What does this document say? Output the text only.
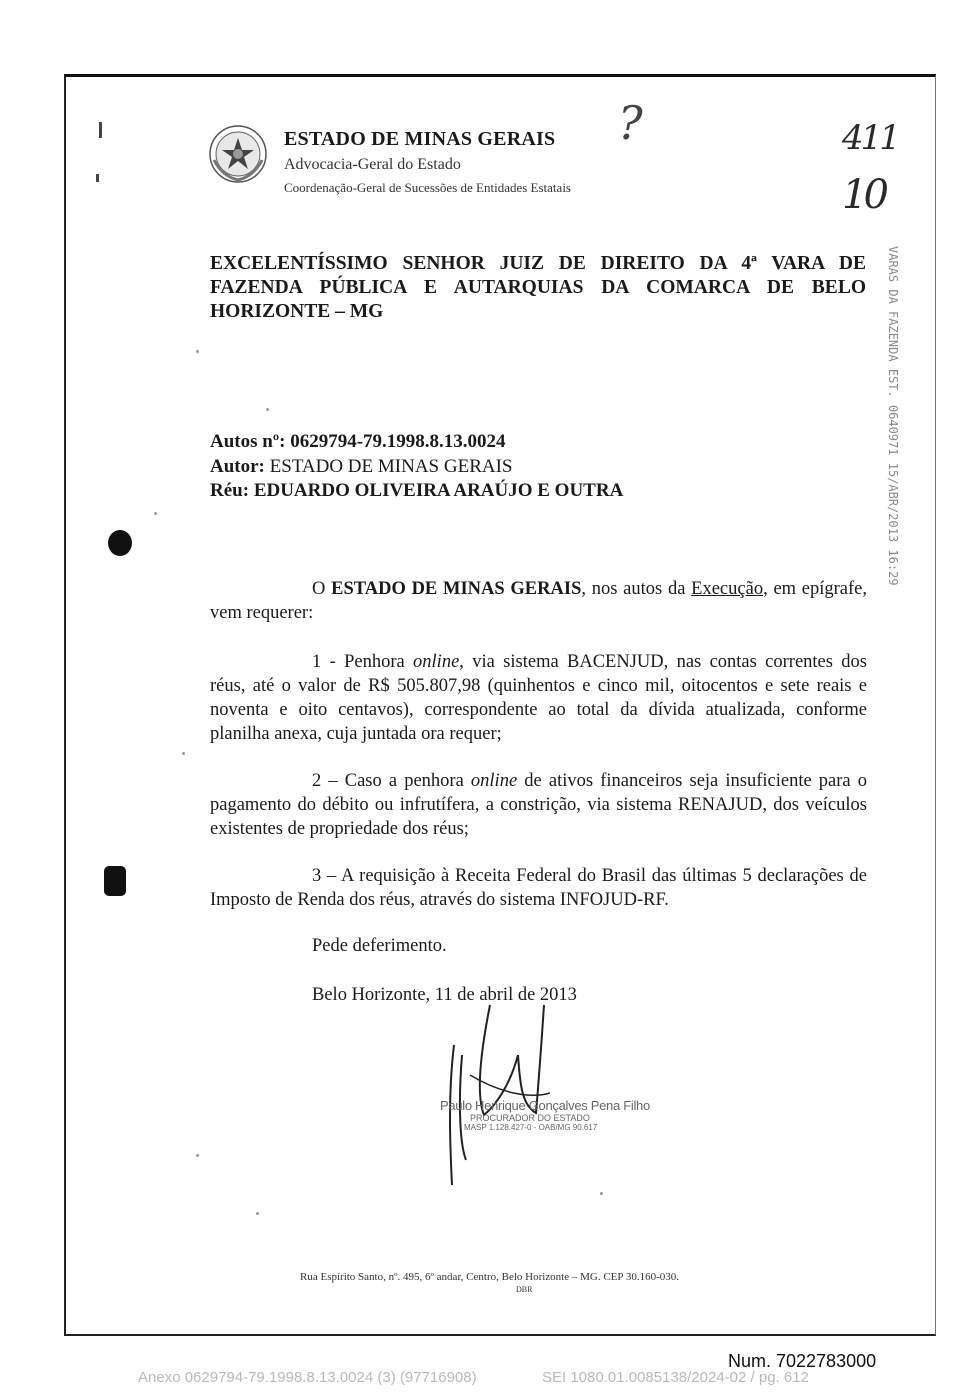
ESTADO DE MINAS GERAIS
Advocacia-Geral do Estado
Coordenação-Geral de Sucessões de Entidades Estatais
?	411
10
VARAS DA FAZENDA EST. 0640971 15/ABR/2013 16:29
EXCELENTÍSSIMO SENHOR JUIZ DE DIREITO DA 4ª VARA DE FAZENDA PÚBLICA E AUTARQUIAS DA COMARCA DE BELO HORIZONTE – MG
Autos nº: 0629794-79.1998.8.13.0024
Autor: ESTADO DE MINAS GERAIS
Réu: EDUARDO OLIVEIRA ARAÚJO E OUTRA
O ESTADO DE MINAS GERAIS, nos autos da Execução, em epígrafe, vem requerer:
1 - Penhora online, via sistema BACENJUD, nas contas correntes dos réus, até o valor de R$ 505.807,98 (quinhentos e cinco mil, oitocentos e sete reais e noventa e oito centavos), correspondente ao total da dívida atualizada, conforme planilha anexa, cuja juntada ora requer;
2 – Caso a penhora online de ativos financeiros seja insuficiente para o pagamento do débito ou infrutífera, a constrição, via sistema RENAJUD, dos veículos existentes de propriedade dos réus;
3 – A requisição à Receita Federal do Brasil das últimas 5 declarações de Imposto de Renda dos réus, através do sistema INFOJUD-RF.
Pede deferimento.
Belo Horizonte, 11 de abril de 2013
Paulo Henrique Gonçalves Pena Filho
PROCURADOR DO ESTADO
MASP 1.128.427-0 - OAB/MG 90.617
Rua Espírito Santo, nº. 495, 6º andar, Centro, Belo Horizonte – MG. CEP 30.160-030.
DBR
Num. 7022783000
Anexo 0629794-79.1998.8.13.0024 (3) (97716908)	SEI 1080.01.0085138/2024-02 / pg. 612
